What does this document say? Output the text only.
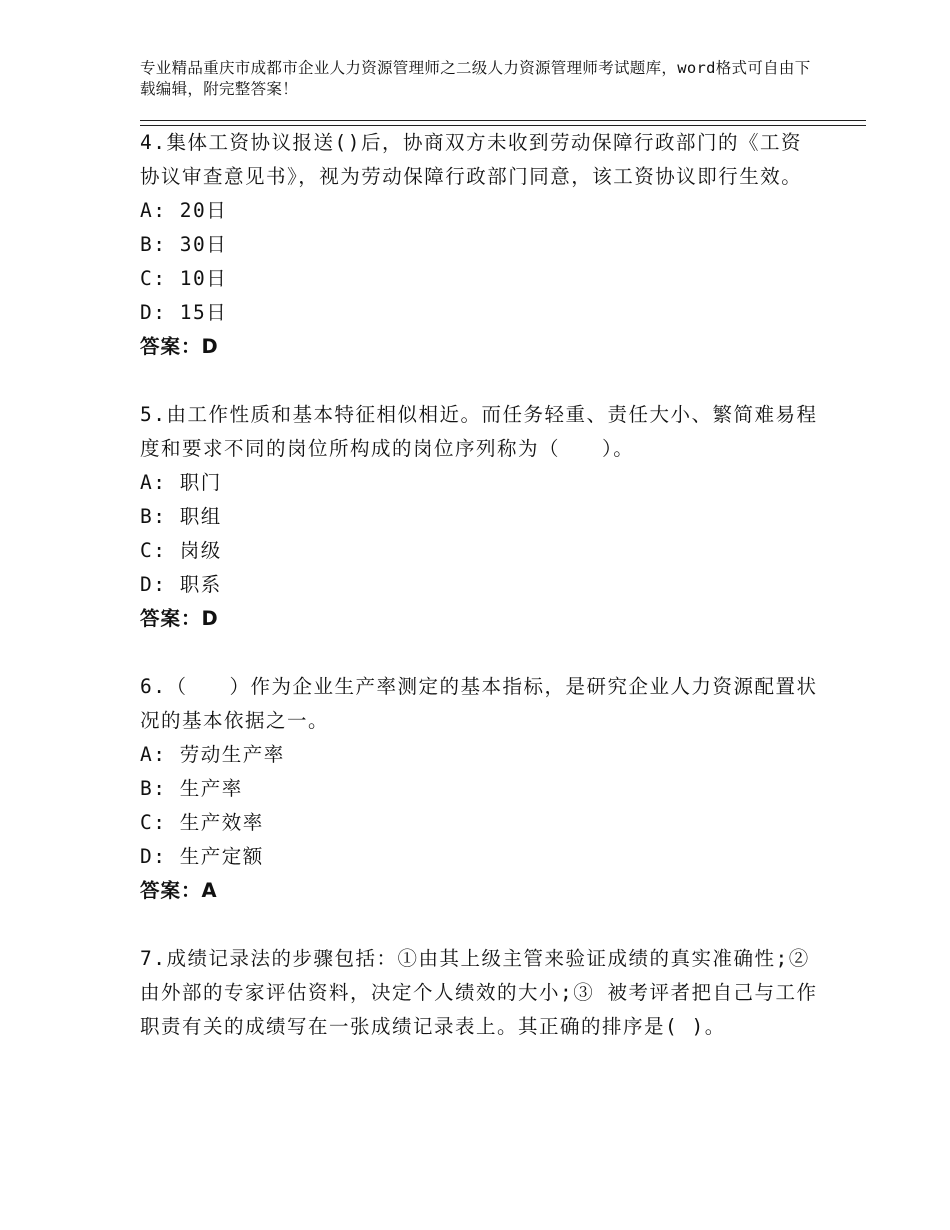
专业精品重庆市成都市企业人力资源管理师之二级人力资源管理师考试题库，word格式可自由下载编辑，附完整答案！
4.集体工资协议报送()后，协商双方未收到劳动保障行政部门的《工资协议审查意见书》，视为劳动保障行政部门同意，该工资协议即行生效。
A: 20日
B: 30日
C: 10日
D: 15日
答案：D
5.由工作性质和基本特征相似相近。而任务轻重、责任大小、繁简难易程度和要求不同的岗位所构成的岗位序列称为（　　）。
A: 职门
B: 职组
C: 岗级
D: 职系
答案：D
6.（　　）作为企业生产率测定的基本指标，是研究企业人力资源配置状况的基本依据之一。
A: 劳动生产率
B: 生产率
C: 生产效率
D: 生产定额
答案：A
7.成绩记录法的步骤包括：①由其上级主管来验证成绩的真实准确性;② 由外部的专家评估资料，决定个人绩效的大小;③ 被考评者把自己与工作职责有关的成绩写在一张成绩记录表上。其正确的排序是( )。
